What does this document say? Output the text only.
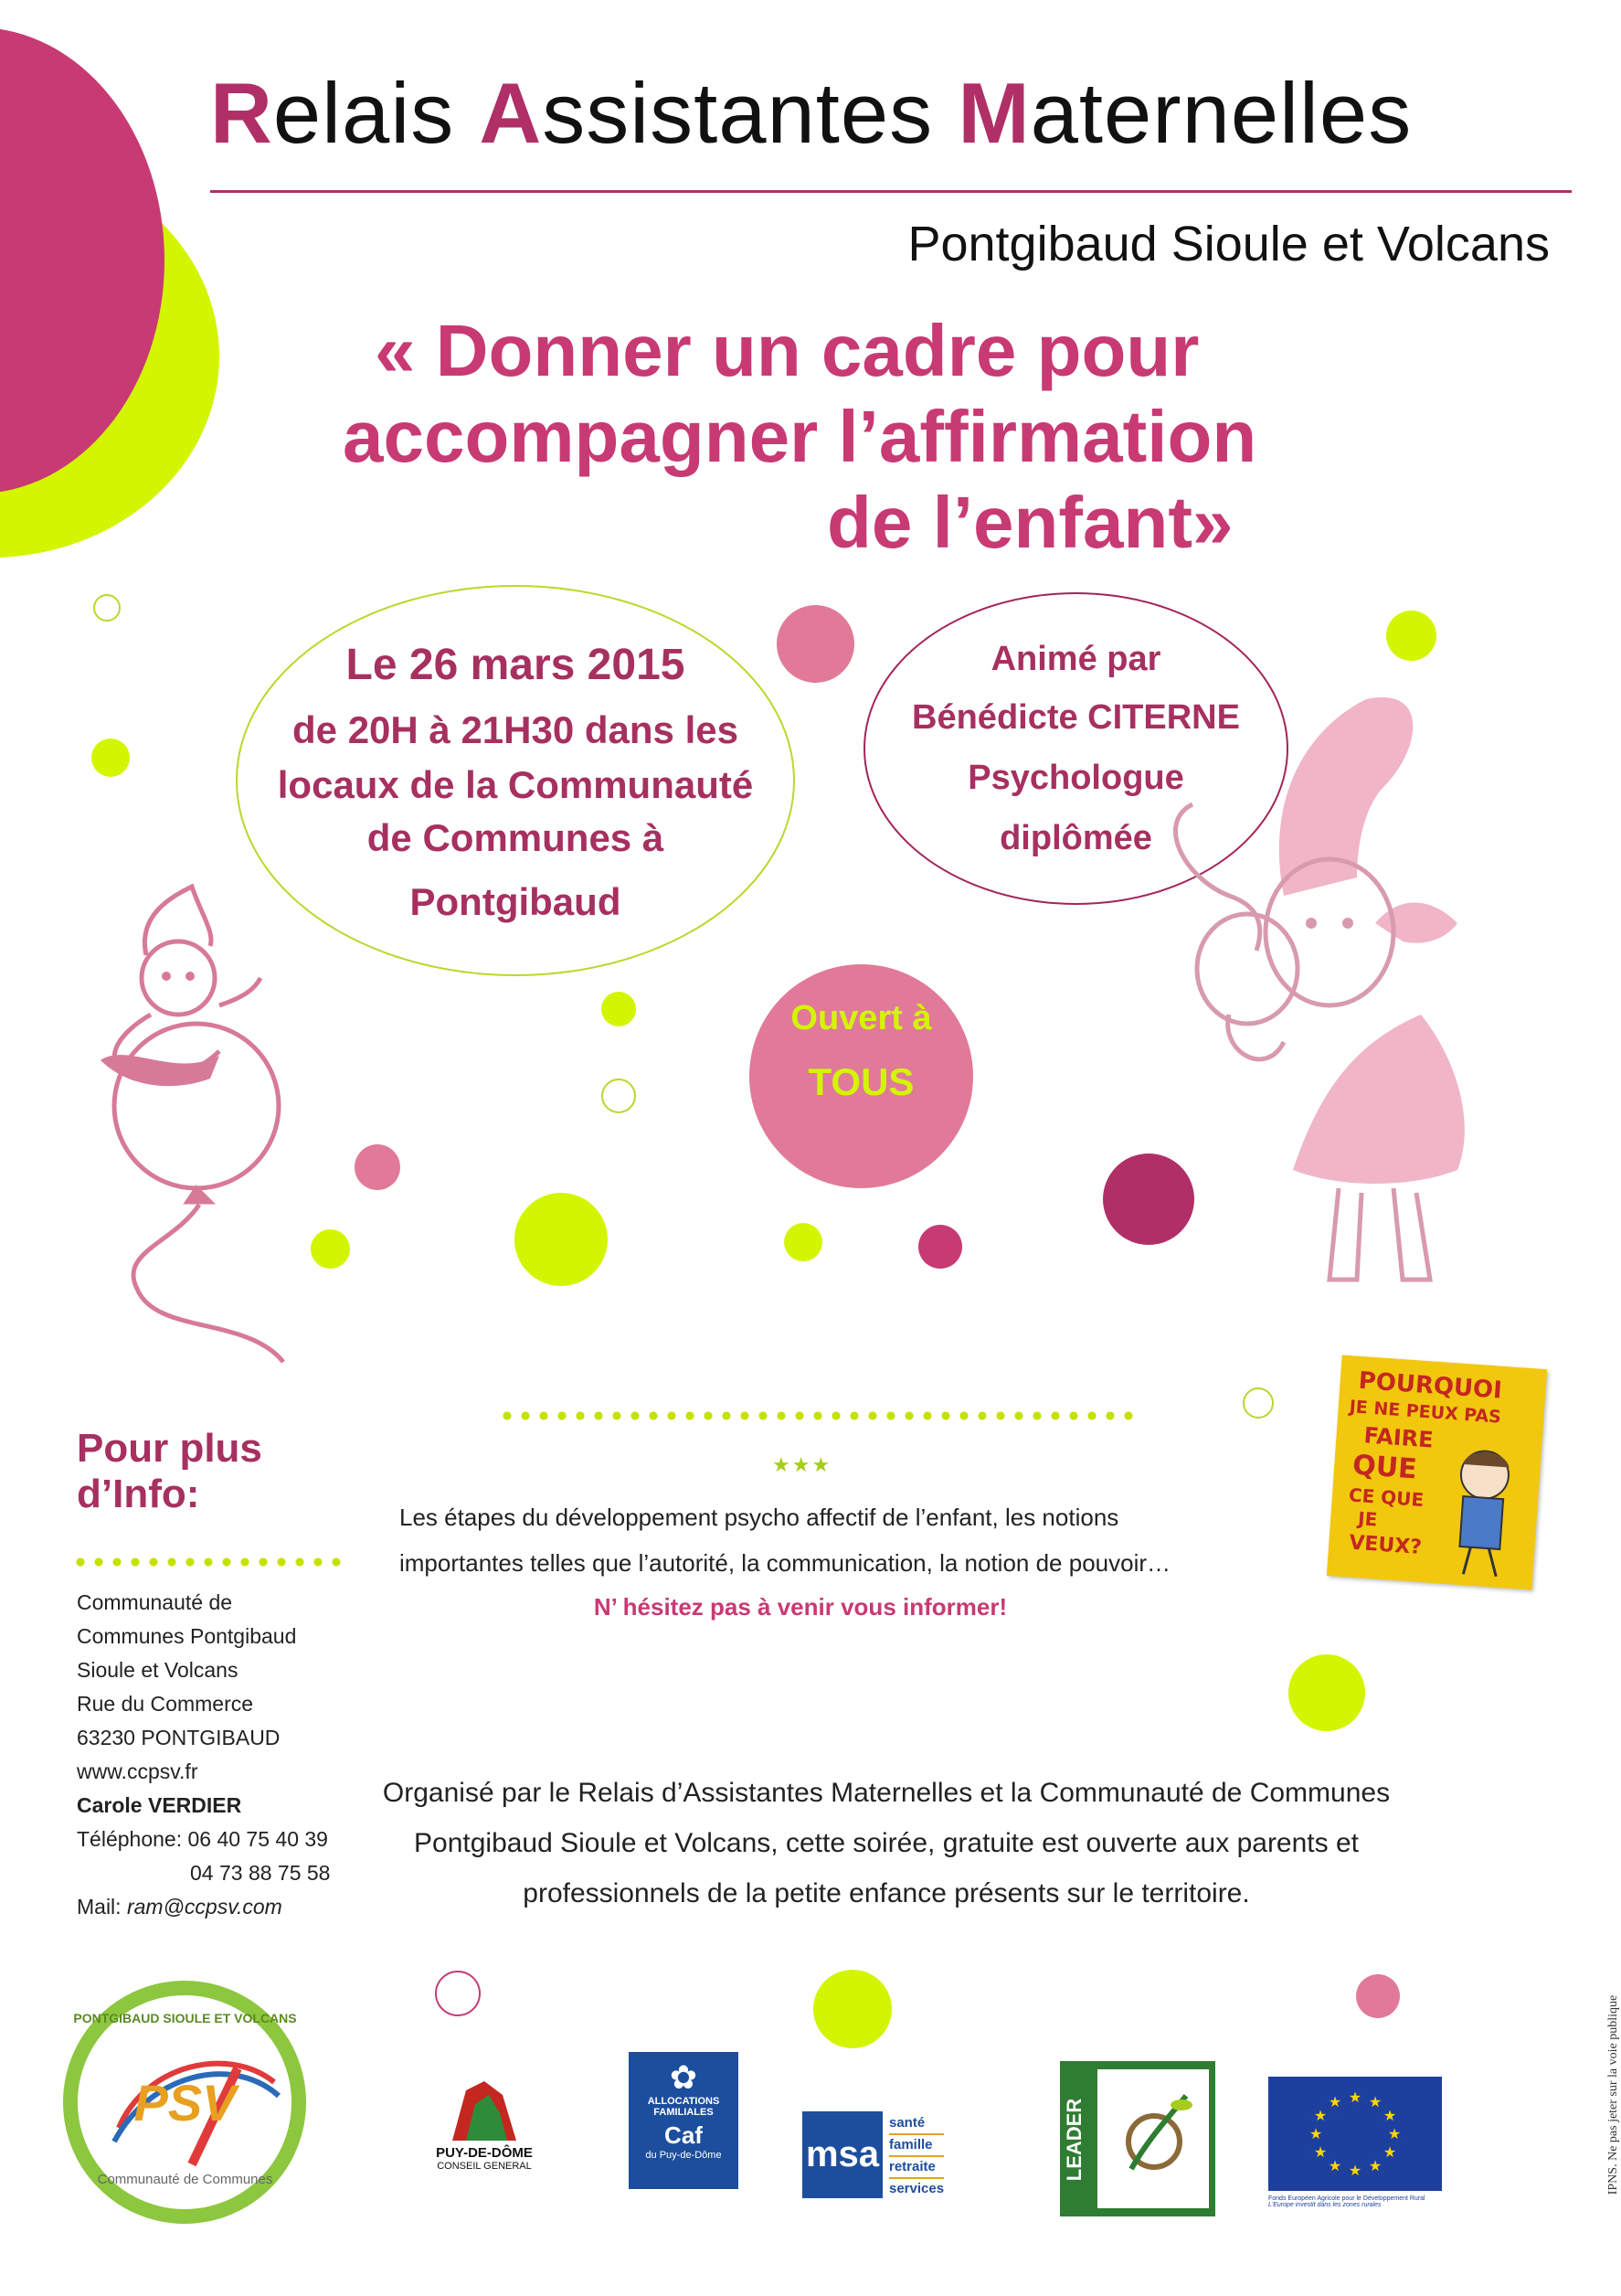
Relais Assistantes Maternelles
Pontgibaud Sioule et Volcans
« Donner un cadre pour
accompagner l’affirmation
de l’enfant»
Le 26 mars 2015
de 20H à 21H30 dans les
locaux de la Communauté
de Communes à
Pontgibaud
Animé par
Bénédicte CITERNE
Psychologue
diplômée
Ouvert à
TOUS
Pour plus
d’Info:
Communauté de
Communes Pontgibaud
Sioule et Volcans
Rue du Commerce
63230 PONTGIBAUD
www.ccpsv.fr
Carole VERDIER
Téléphone: 06 40 75 40 39
04 73 88 75 58
Mail: ram@ccpsv.com
★★★
Les étapes du développement psycho affectif de l’enfant, les notions
importantes telles que l’autorité, la communication, la notion de pouvoir…
N’ hésitez pas à venir vous informer!
POURQUOI
JE NE PEUX PAS
FAIRE
QUE
CE QUE
JE
VEUX?
Organisé par le Relais d’Assistantes Maternelles et la Communauté de Communes
Pontgibaud Sioule et Volcans, cette soirée, gratuite est ouverte aux parents et
professionnels de la petite enfance présents sur le territoire.
PONTGIBAUD SIOULE ET VOLCANS
PSV
Communauté de Communes
PUY-DE-DÔME
CONSEIL GENERAL
✿
ALLOCATIONS
FAMILIALES
Caf
du Puy-de-Dôme	msa
santé
famille
retraite
services
LEADER
★ ★
★
★
★
★
★
★
★
★
★
★
Fonds Européen Agricole pour le Développement Rural
L'Europe investit dans les zones rurales
IPNS. Ne pas jeter sur la voie publique
